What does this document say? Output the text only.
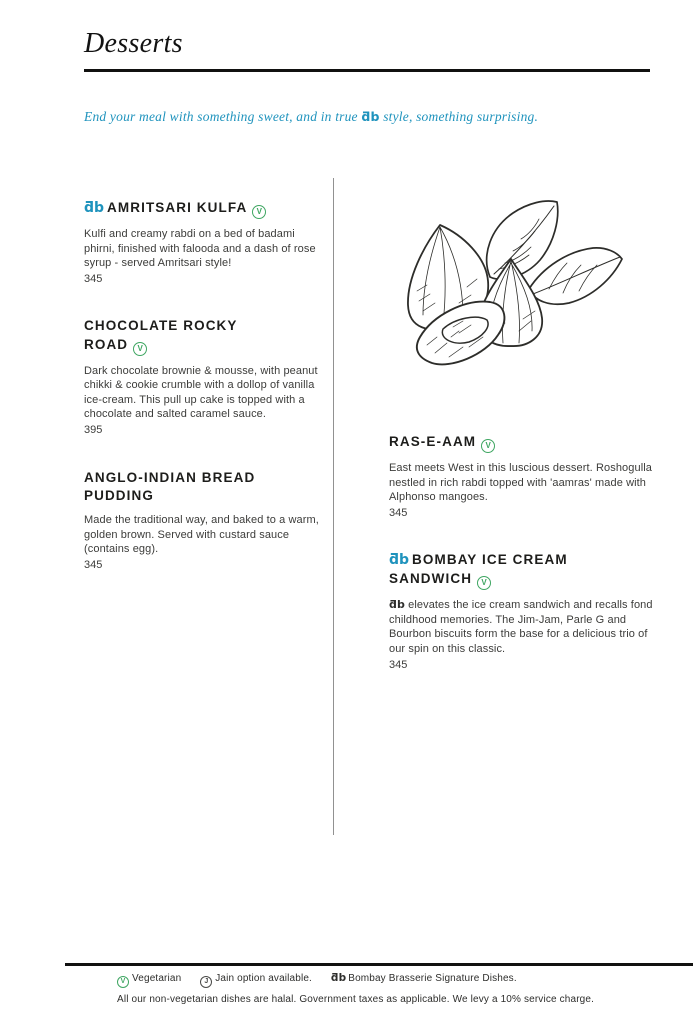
Desserts
End your meal with something sweet, and in true ƌb style, something surprising.
ƌb AMRITSARI KULFA V

Kulfi and creamy rabdi on a bed of badami phirni, finished with falooda and a dash of rose syrup - served Amritsari style!

345
CHOCOLATE ROCKY ROAD V

Dark chocolate brownie & mousse, with peanut chikki & cookie crumble with a dollop of vanilla ice-cream. This pull up cake is topped with a chocolate and salted caramel sauce.

395
ANGLO-INDIAN BREAD PUDDING

Made the traditional way, and baked to a warm, golden brown. Served with custard sauce (contains egg).

345
RAS-E-AAM V

East meets West in this luscious dessert. Roshogulla nestled in rich rabdi topped with 'aamras' made with Alphonso mangoes.

345
ƌb BOMBAY ICE CREAM SANDWICH V

ƌb elevates the ice cream sandwich and recalls fond childhood memories. The Jim-Jam, Parle G and Bourbon biscuits form the base for a delicious trio of our spin on this classic.

345
V Vegetarian	J Jain option available. ƌb Bombay Brasserie Signature Dishes.
All our non-vegetarian dishes are halal. Government taxes as applicable. We levy a 10% service charge.
